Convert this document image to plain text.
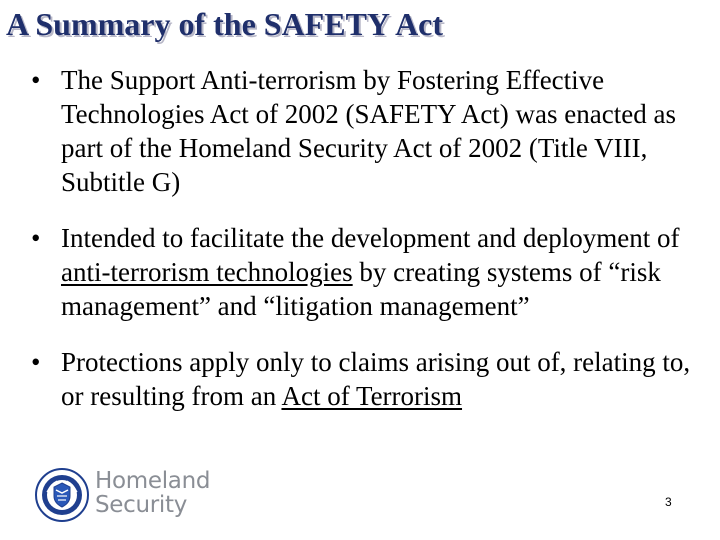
A Summary of the SAFETY Act
• The Support Anti-terrorism by Fostering Effective Technologies Act of 2002 (SAFETY Act) was enacted as part of the Homeland Security Act of 2002 (Title VIII, Subtitle G)
• Intended to facilitate the development and deployment of anti-terrorism technologies by creating systems of “risk management” and “litigation management”
• Protections apply only to claims arising out of, relating to, or resulting from an Act of Terrorism
Homeland
Security	3
